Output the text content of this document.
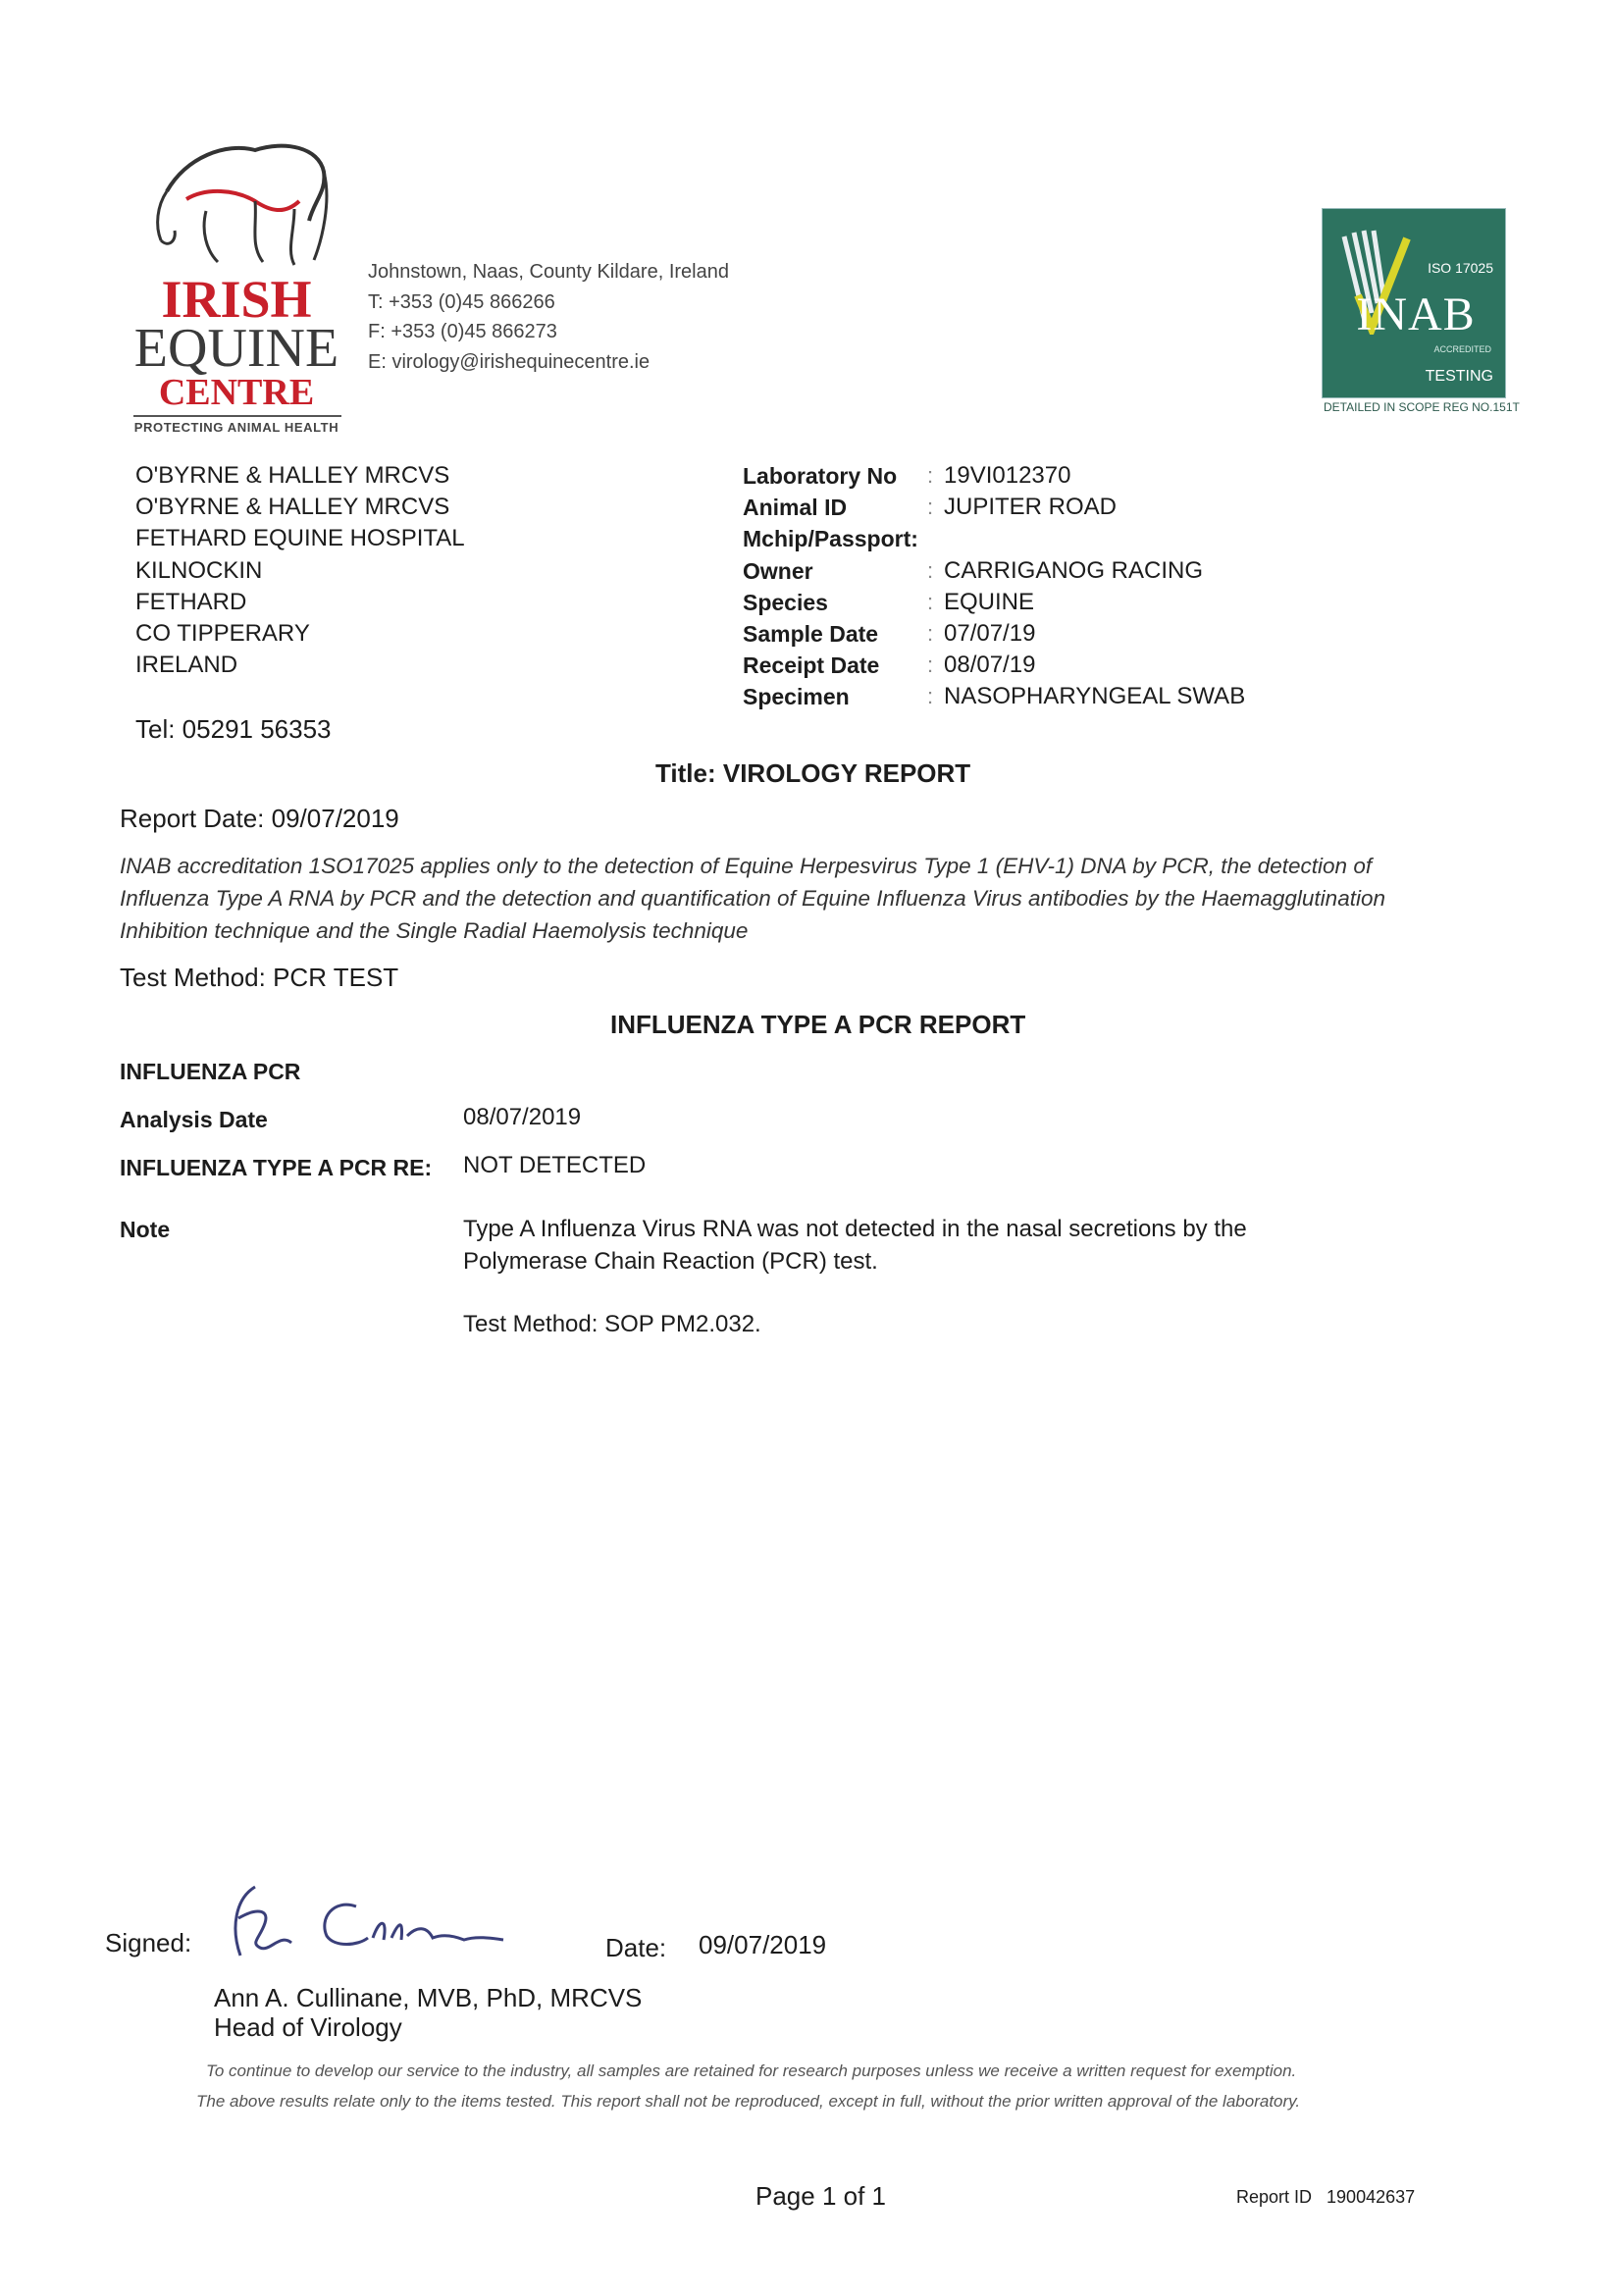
IRISH
EQUINE
CENTRE
PROTECTING ANIMAL HEALTH
Johnstown, Naas, County Kildare, Ireland
T: +353 (0)45 866266
F: +353 (0)45 866273
E: virology@irishequinecentre.ie
ISO 17025
INAB
ACCREDITED
TESTING
DETAILED IN SCOPE REG NO.151T
O'BYRNE & HALLEY MRCVS
O'BYRNE & HALLEY MRCVS
FETHARD EQUINE HOSPITAL
KILNOCKIN
FETHARD
CO TIPPERARY
IRELAND
Tel: 05291 56353
Laboratory No : 19VI012370
Animal ID	: JUPITER ROAD
Mchip/Passport:
Owner	: CARRIGANOG RACING
Species	: EQUINE
Sample Date : 07/07/19
Receipt Date : 08/07/19
Specimen	: NASOPHARYNGEAL SWAB
Title: VIROLOGY REPORT
Report Date: 09/07/2019
INAB accreditation 1SO17025 applies only to the detection of Equine Herpesvirus Type 1 (EHV-1) DNA by PCR, the detection of Influenza Type A RNA by PCR and the detection and quantification of Equine Influenza Virus antibodies by the Haemagglutination Inhibition technique and the Single Radial Haemolysis technique
Test Method: PCR TEST
INFLUENZA TYPE A PCR REPORT
INFLUENZA PCR
Analysis Date	08/07/2019
INFLUENZA TYPE A PCR RE: NOT DETECTED
Note	Type A Influenza Virus RNA was not detected in the nasal secretions by the Polymerase Chain Reaction (PCR) test.
Test Method: SOP PM2.032.
Signed:	Date: 09/07/2019
Ann A. Cullinane, MVB, PhD, MRCVS
Head of Virology
To continue to develop our service to the industry, all samples are retained for research purposes unless we receive a written request for exemption.
The above results relate only to the items tested. This report shall not be reproduced, except in full, without the prior written approval of the laboratory.
Page 1 of 1	Report ID   190042637
